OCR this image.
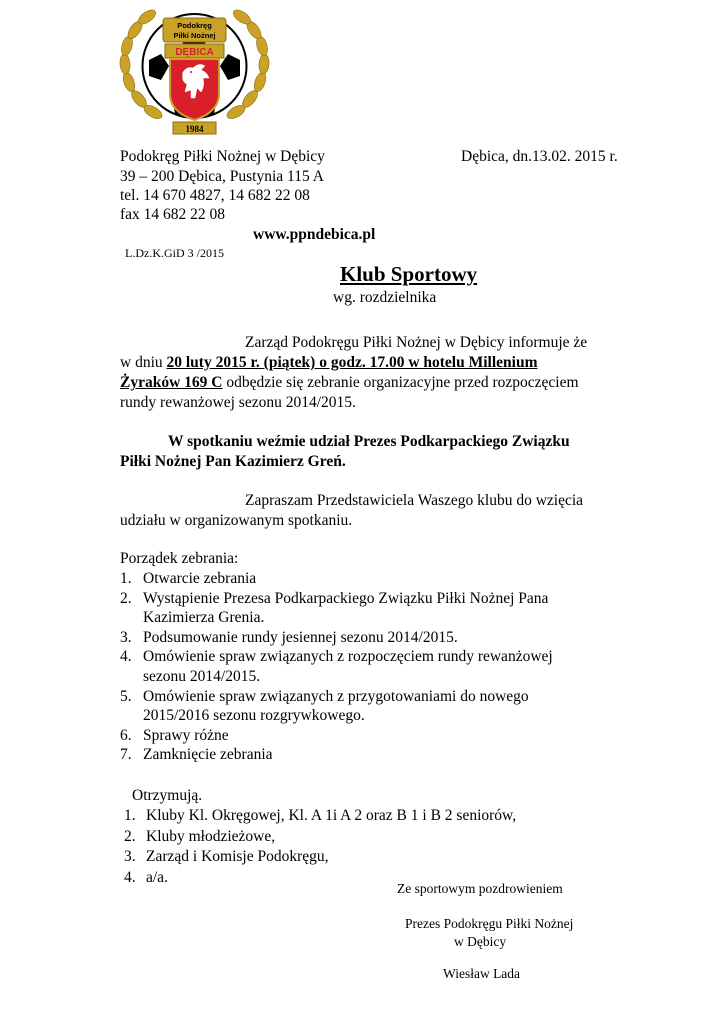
Podokręg
Piłki Nożnej
DĘBICA
1984
Podokręg Piłki Nożnej w Dębicy	Dębica, dn.13.02. 2015 r.
39 – 200 Dębica, Pustynia 115 A
tel. 14 670 4827, 14 682 22 08
fax 14 682 22 08
www.ppndebica.pl
L.Dz.K.GiD 3 /2015
Klub Sportowy
wg. rozdzielnika
Zarząd Podokręgu Piłki Nożnej w Dębicy informuje że
w dniu 20 luty 2015 r. (piątek) o godz. 17.00 w hotelu Millenium
Żyraków 169 C odbędzie się zebranie organizacyjne przed rozpoczęciem
rundy rewanżowej sezonu 2014/2015.
W spotkaniu weźmie udział Prezes Podkarpackiego Związku
Piłki Nożnej Pan Kazimierz Greń.
Zapraszam Przedstawiciela Waszego klubu do wzięcia
udziału w organizowanym spotkaniu.
Porządek zebrania:
1. Otwarcie zebrania
2. Wystąpienie Prezesa Podkarpackiego Związku Piłki Nożnej Pana
Kazimierza Grenia.
3. Podsumowanie rundy jesiennej sezonu 2014/2015.
4. Omówienie spraw związanych z rozpoczęciem rundy rewanżowej
sezonu 2014/2015.
5. Omówienie spraw związanych z przygotowaniami do nowego
2015/2016 sezonu rozgrywkowego.
6. Sprawy różne
7. Zamknięcie zebrania
Otrzymują.
1. Kluby Kl. Okręgowej, Kl. A 1i A 2 oraz B 1 i B 2 seniorów,
2. Kluby młodzieżowe,
3. Zarząd i Komisje Podokręgu,
4. a/a.
Ze sportowym pozdrowieniem
Prezes Podokręgu Piłki Nożnej
w Dębicy
Wiesław Lada
